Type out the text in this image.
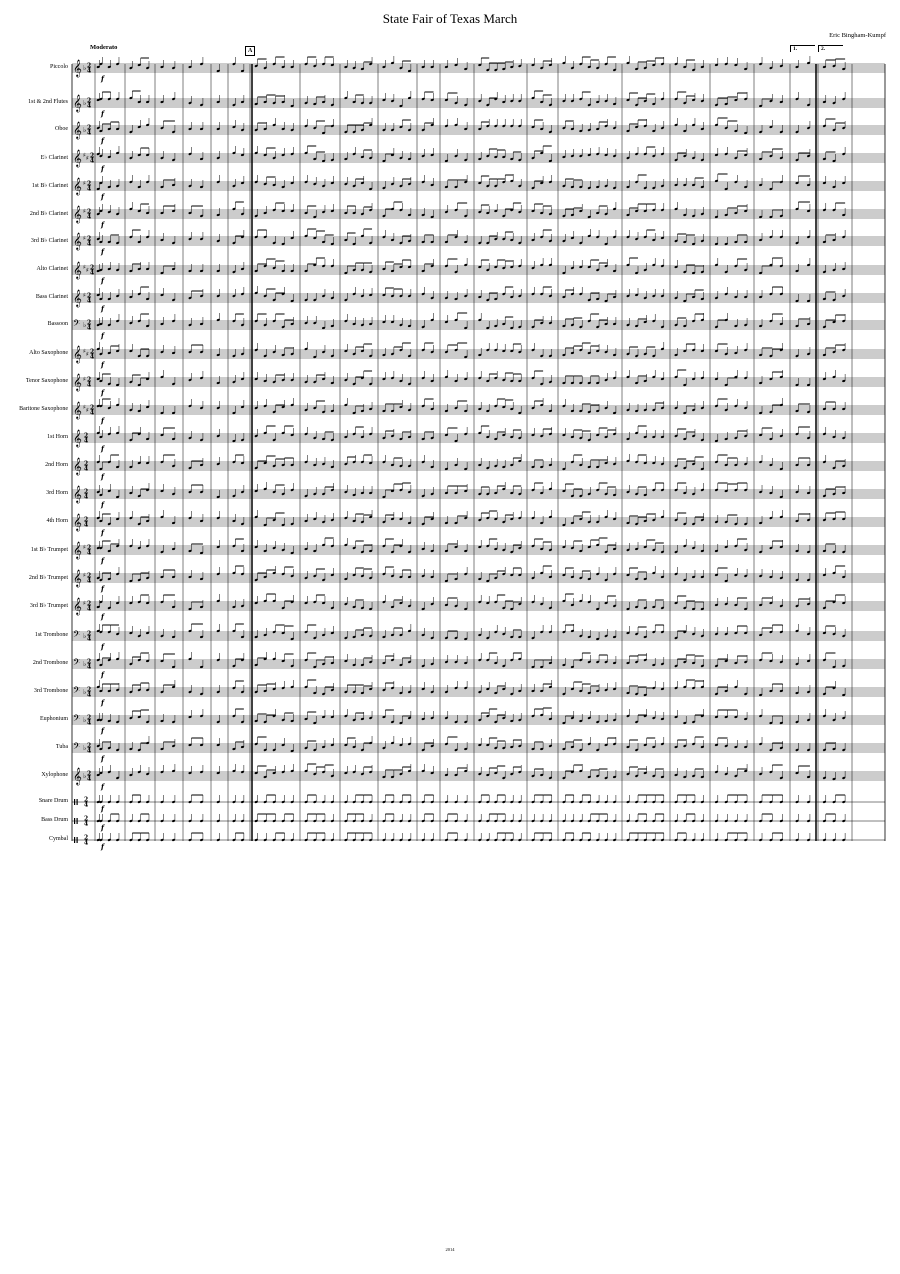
State Fair of Texas March
Eric Bingham-Kumpf
Moderato	A	1.	2.
𝄞 ♭ 2
4
f
𝄞 ♭ 2
4
f
𝄞 ♭ 2
4
f
𝄞 ♯ ♯ 2
4
f
𝄞 ♯ 2
4
f
𝄞 ♯ 2
4
f
𝄞 ♯ 2
4
f
𝄞 ♯ ♯ 2
4
f
𝄞 ♯ 2
4
f
𝄢 ♭ 2
4
f
𝄞 ♯ ♯ 2
4
f
𝄞 ♯ 2
4
f
𝄞 ♯ ♯ 2
4
f
𝄞 2
4
f
𝄞 2
4
f
𝄞 2
4
f
𝄞 2
4
f
𝄞 ♯ 2
4
f
𝄞 ♯ 2
4
f
𝄞 ♯ 2
4
f
𝄢 ♭ 2
4
f
𝄢 ♭ 2
4
f
𝄢 ♭ 2
4
f
𝄢 ♭ 2
4
f
𝄢 ♭ 2
4
f
𝄞 ♭ 2
4
f
2
4 f
2
4 f
2
4 f
Piccolo
1st & 2nd Flutes
Oboe
E♭ Clarinet
1st B♭ Clarinet
2nd B♭ Clarinet
3rd B♭ Clarinet
Alto Clarinet
Bass Clarinet
Bassoon
Alto Saxophone
Tenor Saxophone
Baritone Saxophone
1st Horn
2nd Horn
3rd Horn
4th Horn
1st B♭ Trumpet
2nd B♭ Trumpet
3rd B♭ Trumpet
1st Trombone
2nd Trombone
3rd Trombone
Euphonium
Tuba
Xylophone
Snare Drum
Bass Drum
Cymbal
2014
